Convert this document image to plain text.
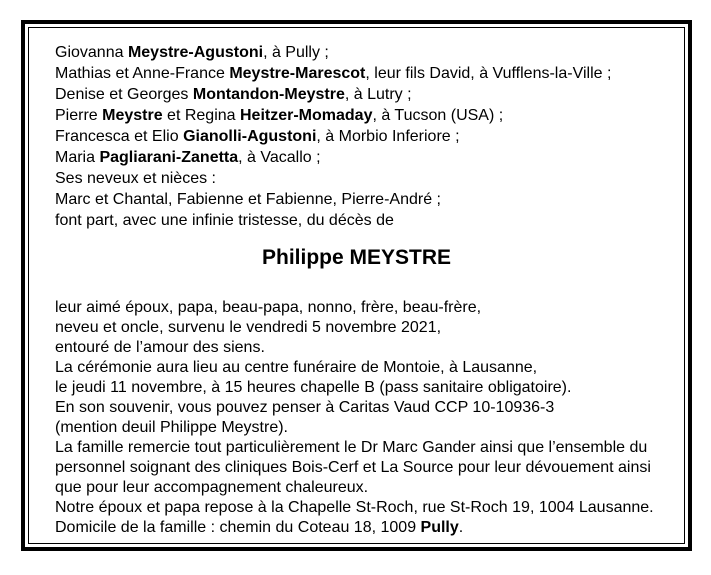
Giovanna Meystre-Agustoni, à Pully ;
Mathias et Anne-France Meystre-Marescot, leur fils David, à Vufflens-la-Ville ;
Denise et Georges Montandon-Meystre, à Lutry ;
Pierre Meystre et Regina Heitzer-Momaday, à Tucson (USA) ;
Francesca et Elio Gianolli-Agustoni, à Morbio Inferiore ;
Maria Pagliarani-Zanetta, à Vacallo ;
Ses neveux et nièces :
Marc et Chantal, Fabienne et Fabienne, Pierre-André ;
font part, avec une infinie tristesse, du décès de
Philippe MEYSTRE
leur aimé époux, papa, beau-papa, nonno, frère, beau-frère,
neveu et oncle, survenu le vendredi 5 novembre 2021,
entouré de l’amour des siens.
La cérémonie aura lieu au centre funéraire de Montoie, à Lausanne,
le jeudi 11 novembre, à 15 heures chapelle B (pass sanitaire obligatoire).
En son souvenir, vous pouvez penser à Caritas Vaud CCP 10-10936-3
(mention deuil Philippe Meystre).
La famille remercie tout particulièrement le Dr Marc Gander ainsi que l’ensemble du
personnel soignant des cliniques Bois-Cerf et La Source pour leur dévouement ainsi
que pour leur accompagnement chaleureux.
Notre époux et papa repose à la Chapelle St-Roch, rue St-Roch 19, 1004 Lausanne.
Domicile de la famille : chemin du Coteau 18, 1009 Pully.
